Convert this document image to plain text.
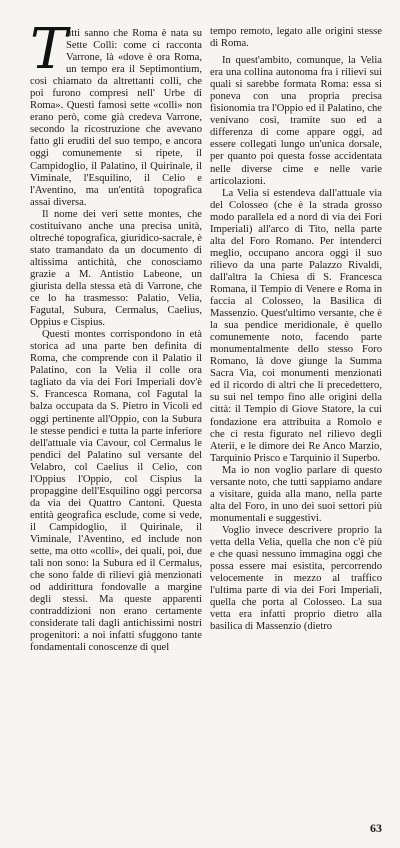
T
utti sanno che Roma è nata su Sette Colli: come ci racconta Varrone, là «dove è ora Roma, un tempo era il Septimontium, così chiamato da altrettanti colli, che poi furono compresi nell' Urbe di Roma». Questi famosi sette «colli» non erano però, come già credeva Varrone, secondo la ricostruzione che avevano fatto gli eruditi del suo tempo, e ancora oggi comunemente si ripete, il Campidoglio, il Palatino, il Quirinale, il Viminale, l'Esquilino, il Celio e l'Aventino, ma un'entità topografica assai diversa.

Il nome dei veri sette montes, che costituivano anche una precisa unità, oltreché topografica, giuridico-sacrale, è stato tramandato da un documento di altissima antichità, che conosciamo grazie a M. Antistio Labeone, un giurista della stessa età di Varrone, che ce lo ha trasmesso: Palatio, Velia, Fagutal, Subura, Cermalus, Caelius, Oppius e Cispius.

Questi montes corrispondono in età storica ad una parte ben definita di Roma, che comprende con il Palatio il Palatino, con la Velia il colle ora tagliato da via dei Fori Imperiali dov'è S. Francesca Romana, col Fagutal la balza occupata da S. Pietro in Vicoli ed oggi pertinente all'Oppio, con la Subura le stesse pendici e tutta la parte inferiore dell'attuale via Cavour, col Cermalus le pendici del Palatino sul versante del Velabro, col Caelius il Celio, con l'Oppius l'Oppio, col Cispius la propaggine dell'Esquilino oggi percorsa da via dei Quattro Cantoni. Questa entità geografica esclude, come si vede, il Campidoglio, il Quirinale, il Viminale, l'Aventino, ed include non sette, ma otto «colli», dei quali, poi, due tali non sono: la Subura ed il Cermalus, che sono falde di rilievi già menzionati od addirittura fondovalle a margine degli stessi. Ma queste apparenti contraddizioni non erano certamente considerate tali dagli antichissimi nostri progenitori: a noi infatti sfuggono tante fondamentali conoscenze di quel

tempo remoto, legato alle origini stesse di Roma.

In quest'ambito, comunque, la Velia era una collina autonoma fra i rilievi sui quali si sarebbe formata Roma: essa si poneva con una propria precisa fisionomia tra l'Oppio ed il Palatino, che venivano così, tramite suo ed a differenza di come appare oggi, ad essere collegati lungo un'unica dorsale, per quanto poi questa fosse accidentata nelle diverse cime e nelle varie articolazioni.

La Velia si estendeva dall'attuale via del Colosseo (che è la strada grosso modo parallela ed a nord di via dei Fori Imperiali) all'arco di Tito, nella parte alta del Foro Romano. Per intenderci meglio, occupano ancora oggi il suo rilievo da una parte Palazzo Rivaldi, dall'altra la Chiesa di S. Francesca Romana, il Tempio di Venere e Roma in faccia al Colosseo, la Basilica di Massenzio. Quest'ultimo versante, che è la sua pendice meridionale, è quello comunemente noto, facendo parte monumentalmente dello stesso Foro Romano, là dove giunge la Summa Sacra Via, coi monumenti menzionati ed il ricordo di altri che li precedettero, su sui nel tempo fino alle origini della città: il Tempio di Giove Statore, la cui fondazione era attribuita a Romolo e che ci resta figurato nel rilievo degli Aterii, e le dimore dei Re Anco Marzio, Tarquinio Prisco e Tarquinio il Superbo.

Ma io non voglio parlare di questo versante noto, che tutti sappiamo andare a visitare, guida alla mano, nella parte alta del Foro, in uno dei suoi settori più monumentali e suggestivi.

Voglio invece descrivere proprio la vetta della Velia, quella che non c'è più e che quasi nessuno immagina oggi che possa essere mai esistita, percorrendo velocemente in mezzo al traffico l'ultima parte di via dei Fori Imperiali, quella che porta al Colosseo. La sua vetta era infatti proprio dietro alla basilica di Massenzio (dietro

63
